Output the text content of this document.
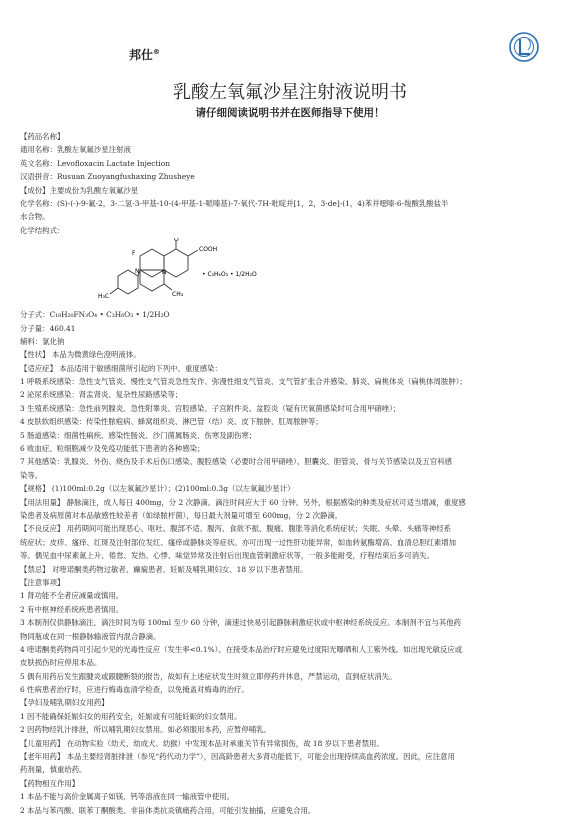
邦仕®
乳酸左氧氟沙星注射液说明书
请仔细阅读说明书并在医师指导下使用！
【药品名称】
通用名称：乳酸左氧氟沙星注射液
英文名称：Levofloxacin Lactate Injection
汉语拼音：Rusuan Zuoyangfushaxing Zhusheye
【成份】主要成份为乳酸左氧氟沙星
化学名称：(S)-(-)-9-氟-2，3-二氢-3-甲基-10-(4-甲基-1-哌嗪基)-7-氧代-7H-吡啶并[1，2，3-de]-(1，4)苯并噁嗪-6-羧酸乳酸盐半
水合物。
化学结构式：
O
COOH
F
N	N
H₃C	CH₃
• C₃H₆O₃ • 1/2H₂O
分子式：C₁₈H₂₀FN₃O₄ • C₃H₆O₃ • 1/2H₂O
分子量：460.41
辅料：氯化钠
【性状】 本品为微黄绿色澄明液体。
【适应症】 本品适用于敏感细菌所引起的下列中、重度感染：
1 呼吸系统感染：急性支气管炎、慢性支气管炎急性发作、弥漫性细支气管炎、支气管扩张合并感染、肺炎、扁桃体炎（扁桃体周脓肿）；
2 泌尿系统感染：肾盂肾炎、复杂性尿路感染等；
3 生殖系统感染：急性前列腺炎、急性附睾炎、宫腔感染、子宫附件炎、盆腔炎（疑有厌氧菌感染时可合用甲硝唑）；
4 皮肤软组织感染：传染性脓疱病、蜂窝组织炎、淋巴管（结）炎、皮下脓肿、肛周脓肿等；
5 肠道感染：细菌性痢疾、感染性肠炎、沙门菌属肠炎、伤寒及副伤寒；
6 败血症、粒细胞减少及免疫功能低下患者的各种感染；
7 其他感染：乳腺炎、外伤、烧伤及手术后伤口感染、腹腔感染（必要时合用甲硝唑）、胆囊炎、胆管炎、骨与关节感染以及五官科感
染等。
【规格】 (1)100ml:0.2g（以左氧氟沙星计）；(2)100ml:0.3g（以左氧氟沙星计）
【用法用量】 静脉滴注，成人每日 400mg，分 2 次静滴。滴注时间应大于 60 分钟。另外，根据感染的种类及症状可适当增减，重度感
染患者及病原菌对本品敏感性较差者（如绿脓杆菌），每日最大剂量可增至 600mg，分 2 次静滴。
【不良反应】 用药期间可能出现恶心、呕吐、腹部不适、腹泻、食欲不振、腹痛、腹胀等消化系统症状；失眠、头晕、头痛等神经系
统症状；皮疹、瘙痒、红斑及注射部位发红、瘙痒或静脉炎等症状。亦可出现一过性肝功能异常，如血转氨酶增高、血清总胆红素增加
等。偶见血中尿素氮上升、倦怠、发热、心悸、味觉异常及注射后出现血管刺激症状等，一般多能耐受，疗程结束后多可消失。
【禁忌】 对喹诺酮类药物过敏者、癫痫患者、妊娠及哺乳期妇女、18 岁以下患者禁用。
【注意事项】
1 肾功能不全者应减量或慎用。
2 有中枢神经系统疾患者慎用。
3 本制剂仅供静脉滴注，滴注时间为每 100ml 至少 60 分钟，滴速过快易引起静脉刺激症状或中枢神经系统反应。本制剂不宜与其他药
物同瓶或在同一根静脉输液管内混合静滴。
4 喹诺酮类药物尚可引起少见的光毒性反应（发生率<0.1%）。在接受本品治疗时应避免过度阳光曝晒和人工紫外线。如出现光敏反应或
皮肤损伤时应停用本品。
5 偶有用药后发生跟腱炎或跟腱断裂的报告，故如有上述症状发生时须立即停药并休息，严禁运动，直到症状消失。
6 性病患者治疗时，应进行梅毒血清学检查，以免掩盖对梅毒的治疗。
【孕妇及哺乳期妇女用药】
1 因不能确保妊娠妇女的用药安全，妊娠或有可能妊娠的妇女禁用。
2 因药物经乳汁排泄，所以哺乳期妇女禁用。如必须服用本药，应暂停哺乳。
【儿童用药】 在动物实验（幼犬、幼成犬、幼猴）中发现本品对承重关节有异常损伤，故 18 岁以下患者禁用。
【老年用药】 本品主要经肾脏排泄（参见“药代动力学”），因高龄患者大多肾功能低下，可能会出现持续高血药浓度。因此，应注意用
药剂量，慎重给药。
【药物相互作用】
1 本品不能与高价金属离子如镁、钙等溶液在同一输液管中使用。
2 本品与苯丙酸、联苯丁酮酸类、非甾体类抗炎镇痛药合用，可能引发抽搐，应避免合用。
